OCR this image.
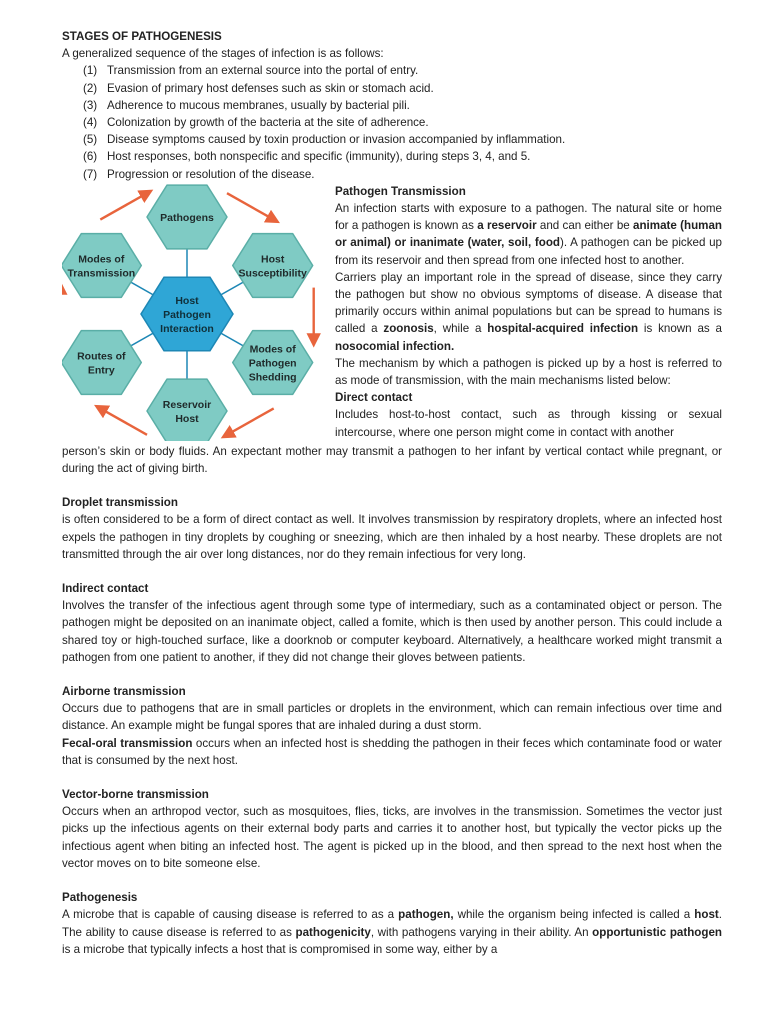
STAGES OF PATHOGENESIS

A generalized sequence of the stages of infection is as follows:

(1) Transmission from an external source into the portal of entry.
(2) Evasion of primary host defenses such as skin or stomach acid.
(3) Adherence to mucous membranes, usually by bacterial pili.
(4) Colonization by growth of the bacteria at the site of adherence.
(5) Disease symptoms caused by toxin production or invasion accompanied by inflammation.
(6) Host responses, both nonspecific and specific (immunity), during steps 3, 4, and 5.
(7) Progression or resolution of the disease.
Pathogens
Host
Susceptibility
Modes of
Pathogen
Shedding
Reservoir
Host
Routes of
Entry
Modes of
Transmission
Host
Pathogen
Interaction

Pathogen Transmission

An infection starts with exposure to a pathogen. The natural site or home for a pathogen is known as a reservoir and can either be animate (human or animal) or inanimate (water, soil, food). A pathogen can be picked up from its reservoir and then spread from one infected host to another.

Carriers play an important role in the spread of disease, since they carry the pathogen but show no obvious symptoms of disease. A disease that primarily occurs within animal populations but can be spread to humans is called a zoonosis, while a hospital-acquired infection is known as a nosocomial infection.

The mechanism by which a pathogen is picked up by a host is referred to as mode of transmission, with the main mechanisms listed below:

Direct contact

Includes host-to-host contact, such as through kissing or sexual intercourse, where one person might come in contact with another

person’s skin or body fluids. An expectant mother may transmit a pathogen to her infant by vertical contact while pregnant, or during the act of giving birth.

Droplet transmission

is often considered to be a form of direct contact as well. It involves transmission by respiratory droplets, where an infected host expels the pathogen in tiny droplets by coughing or sneezing, which are then inhaled by a host nearby. These droplets are not transmitted through the air over long distances, nor do they remain infectious for very long.

Indirect contact

Involves the transfer of the infectious agent through some type of intermediary, such as a contaminated object or person. The pathogen might be deposited on an inanimate object, called a fomite, which is then used by another person. This could include a shared toy or high-touched surface, like a doorknob or computer keyboard. Alternatively, a healthcare worked might transmit a pathogen from one patient to another, if they did not change their gloves between patients.

Airborne transmission

Occurs due to pathogens that are in small particles or droplets in the environment, which can remain infectious over time and distance. An example might be fungal spores that are inhaled during a dust storm.

Fecal-oral transmission occurs when an infected host is shedding the pathogen in their feces which contaminate food or water that is consumed by the next host.

Vector-borne transmission

Occurs when an arthropod vector, such as mosquitoes, flies, ticks, are involves in the transmission. Sometimes the vector just picks up the infectious agents on their external body parts and carries it to another host, but typically the vector picks up the infectious agent when biting an infected host. The agent is picked up in the blood, and then spread to the next host when the vector moves on to bite someone else.

Pathogenesis

A microbe that is capable of causing disease is referred to as a pathogen, while the organism being infected is called a host. The ability to cause disease is referred to as pathogenicity, with pathogens varying in their ability. An opportunistic pathogen is a microbe that typically infects a host that is compromised in some way, either by a
